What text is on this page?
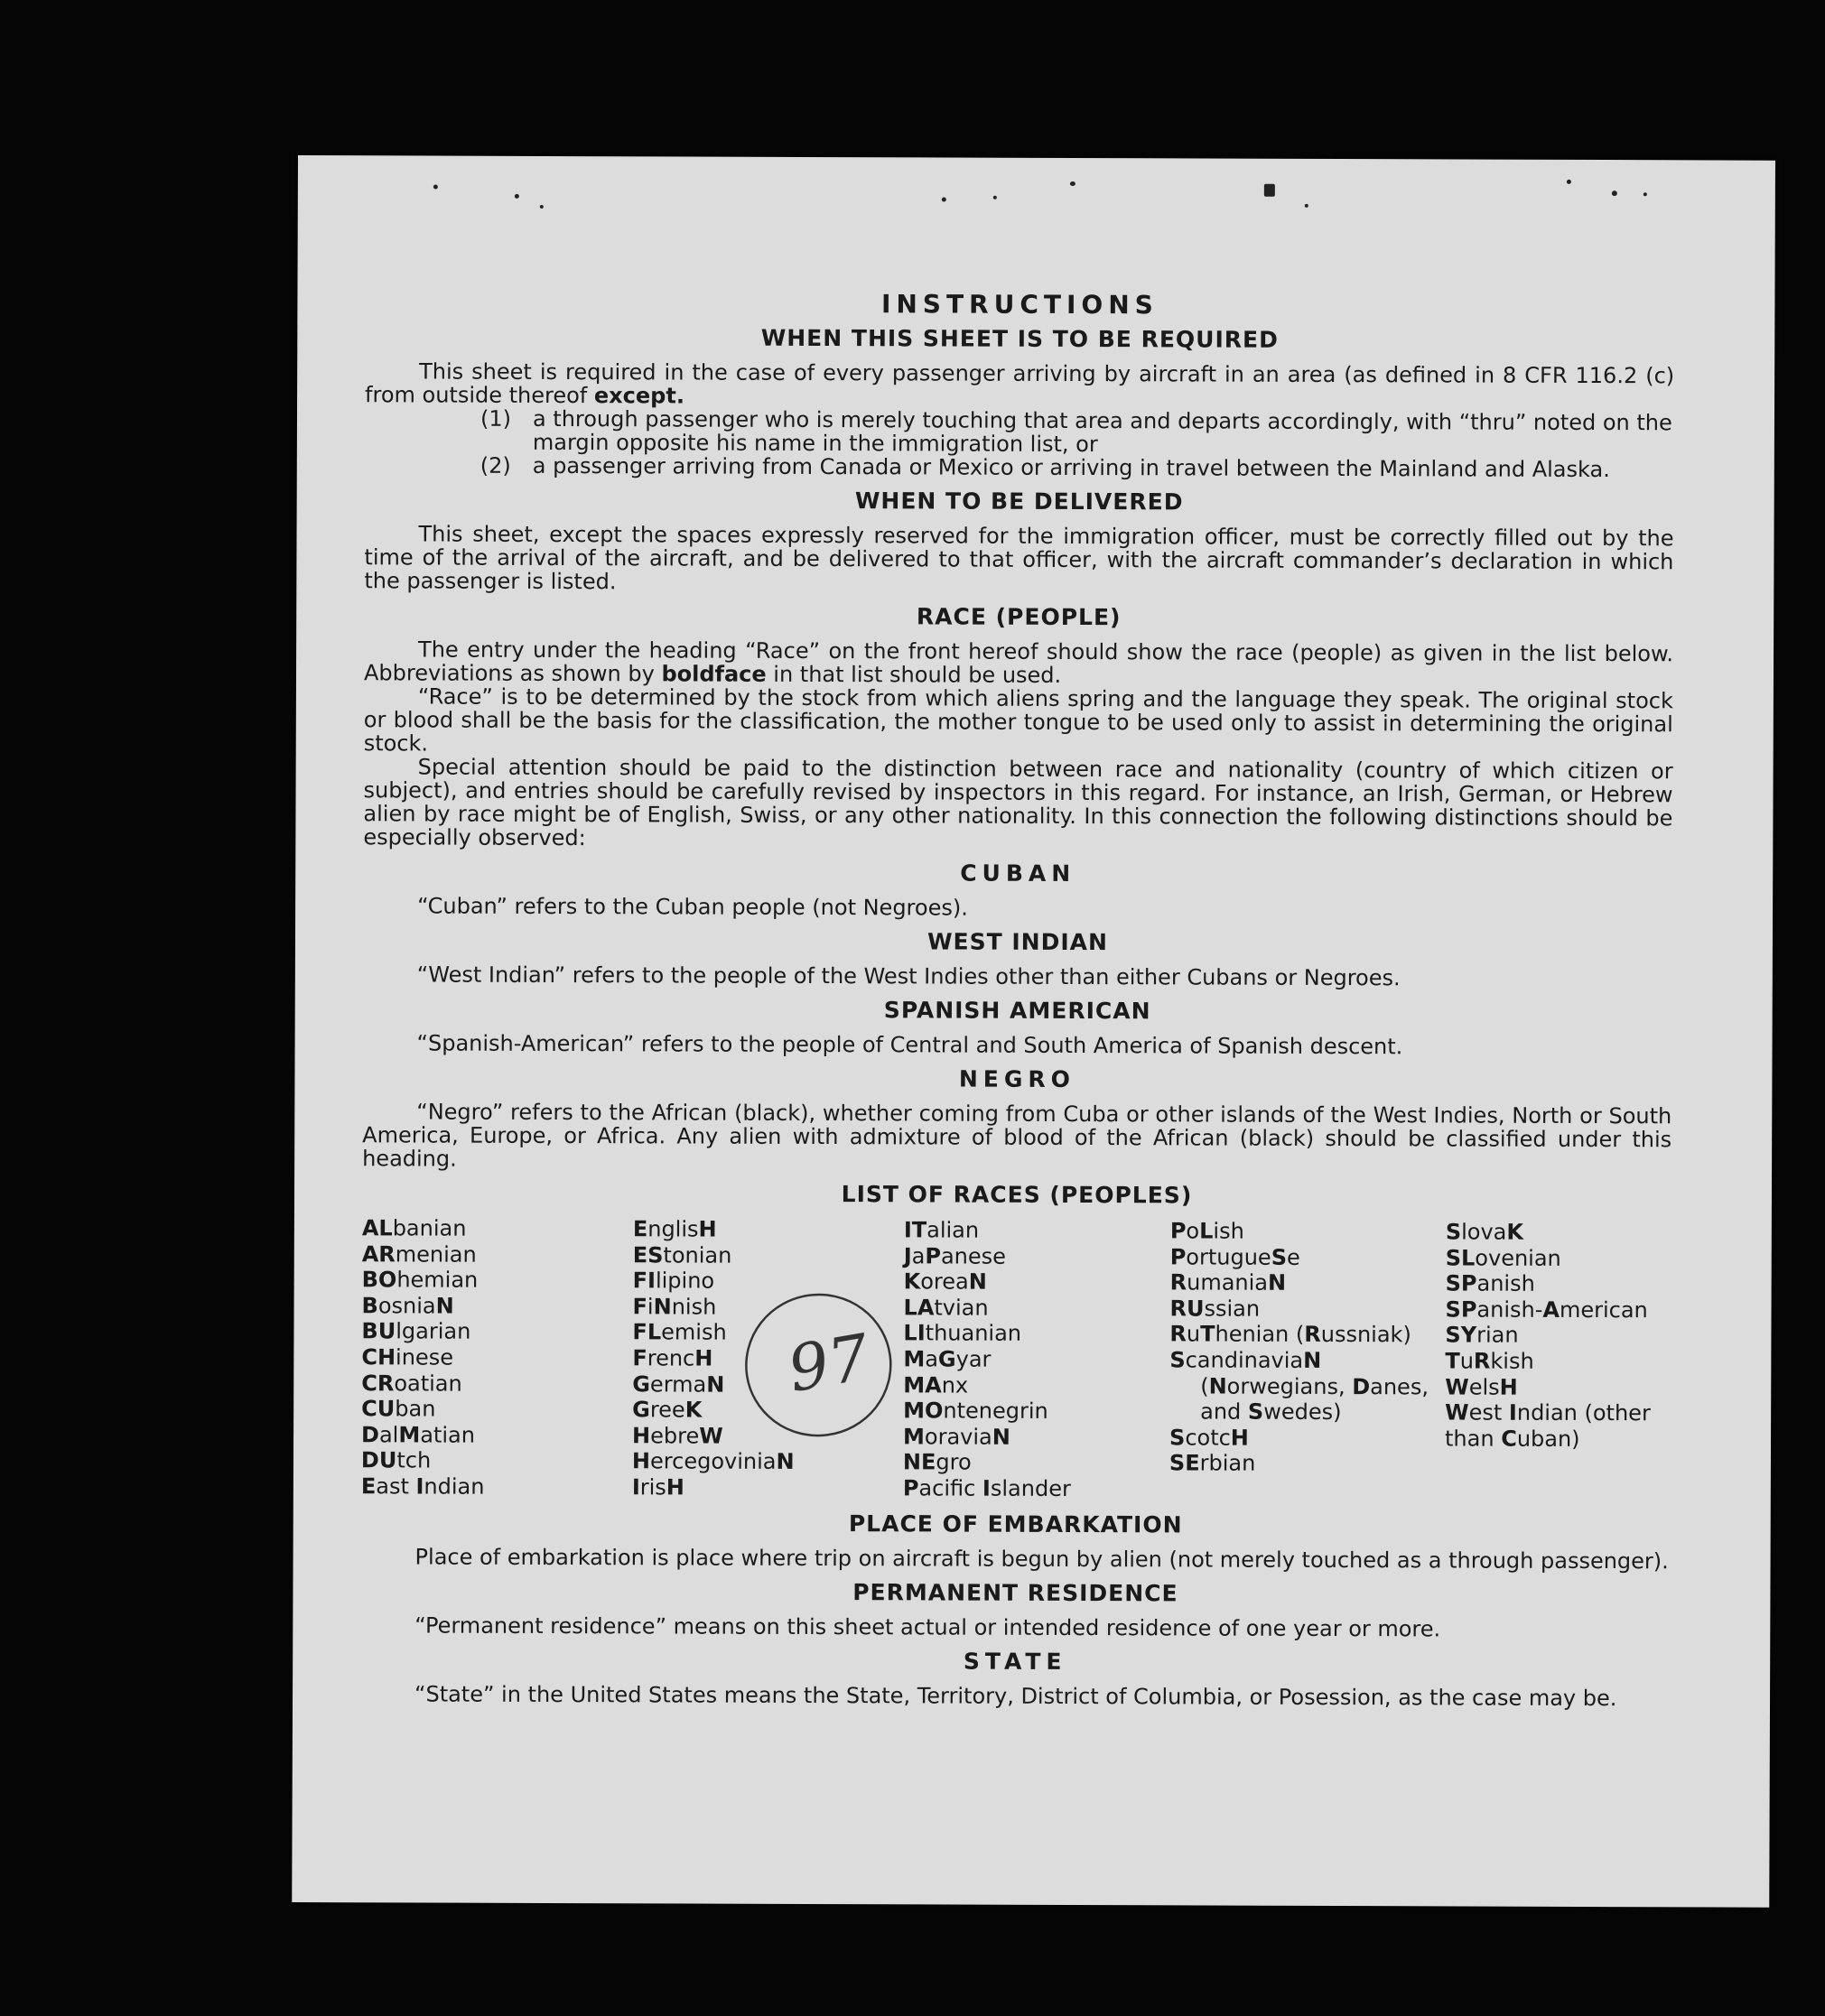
INSTRUCTIONS
WHEN THIS SHEET IS TO BE REQUIRED

This sheet is required in the case of every passenger arriving by aircraft in an area (as defined in 8 CFR 116.2 (c) from outside thereof except.

(1) a through passenger who is merely touching that area and departs accordingly, with “thru” noted on the margin opposite his name in the immigration list, or
(2) a passenger arriving from Canada or Mexico or arriving in travel between the Mainland and Alaska.
WHEN TO BE DELIVERED

This sheet, except the spaces expressly reserved for the immigration officer, must be correctly filled out by the time of the arrival of the aircraft, and be delivered to that officer, with the aircraft commander’s declaration in which the passenger is listed.

RACE (PEOPLE)

The entry under the heading “Race” on the front hereof should show the race (people) as given in the list below. Abbreviations as shown by boldface in that list should be used.

“Race” is to be determined by the stock from which aliens spring and the language they speak. The original stock or blood shall be the basis for the classification, the mother tongue to be used only to assist in determining the original stock.

Special attention should be paid to the distinction between race and nationality (country of which citizen or subject), and entries should be carefully revised by inspectors in this regard. For instance, an Irish, German, or Hebrew alien by race might be of English, Swiss, or any other nationality. In this connection the following distinctions should be especially observed:

CUBAN

“Cuban” refers to the Cuban people (not Negroes).

WEST INDIAN

“West Indian” refers to the people of the West Indies other than either Cubans or Negroes.

SPANISH AMERICAN

“Spanish-American” refers to the people of Central and South America of Spanish descent.

NEGRO

“Negro” refers to the African (black), whether coming from Cuba or other islands of the West Indies, North or South America, Europe, or Africa. Any alien with admixture of blood of the African (black) should be classified under this heading.

LIST OF RACES (PEOPLES)
97
ALbanian
ARmenian
BOhemian
BosniaN
BUlgarian
CHinese
CRoatian
CUban
DalMatian
DUtch
East Indian
EnglisH
EStonian
FIlipino
FiNnish
FLemish
FrencH
GermaN
GreeK
HebreW
HercegoviniaN
IrisH
ITalian
JaPanese
KoreaN
LAtvian
LIthuanian
MaGyar
MAnx
MOntenegrin
MoraviaN
NEgro
Pacific Islander
PoLish
PortugueSe
RumaniaN
RUssian
RuThenian (Russniak)
ScandinaviaN
(Norwegians, Danes, and Swedes)
ScotcH
SErbian
SlovaK
SLovenian
SPanish
SPanish-American
SYrian
TuRkish
WelsH
West Indian (other than Cuban)
PLACE OF EMBARKATION

Place of embarkation is place where trip on aircraft is begun by alien (not merely touched as a through passenger).

PERMANENT RESIDENCE

“Permanent residence” means on this sheet actual or intended residence of one year or more.

STATE

“State” in the United States means the State, Territory, District of Columbia, or Posession, as the case may be.
